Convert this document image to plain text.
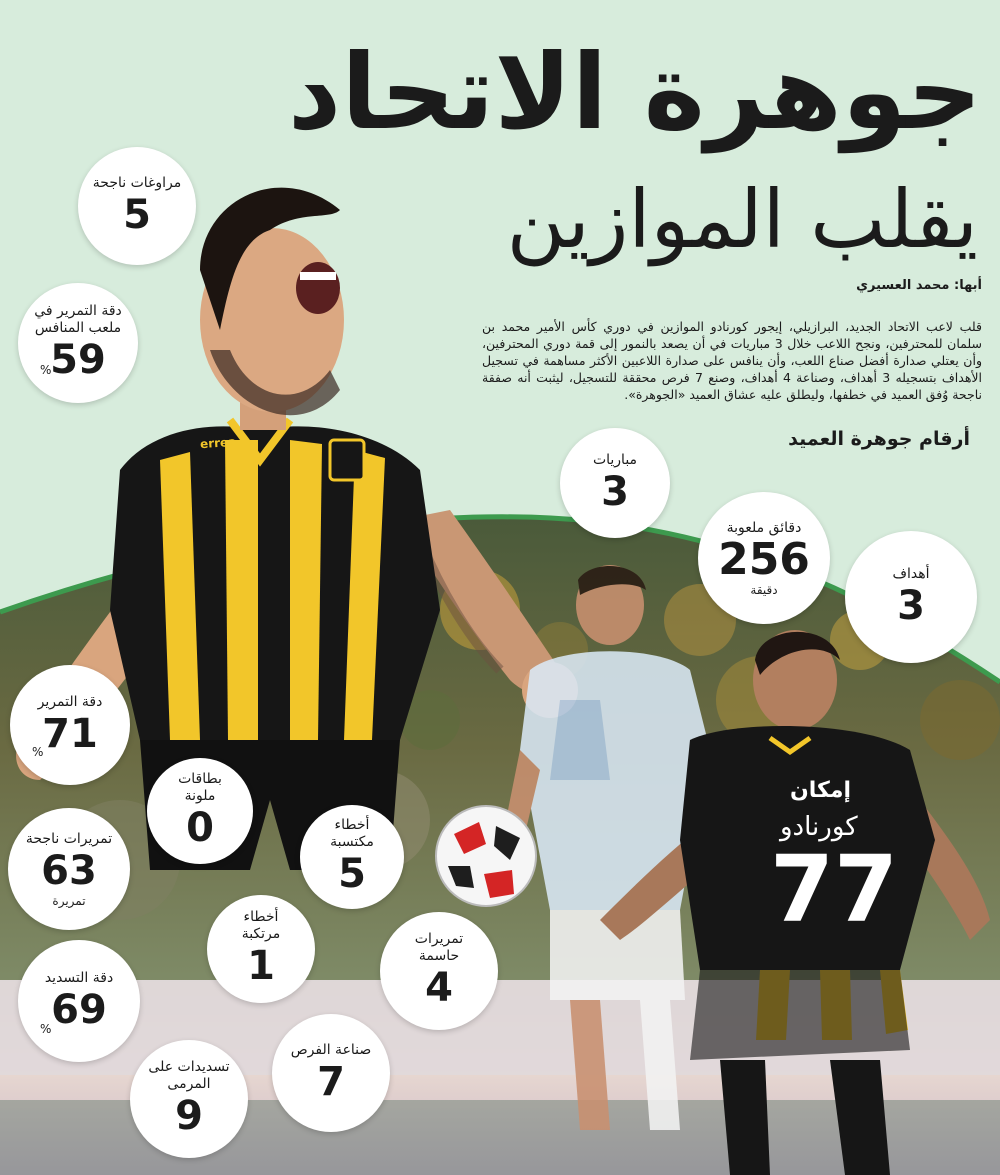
جوهرة الاتحاد
يقلب الموازين
أبها: محمد العسيري
قلب لاعب الاتحاد الجديد، البرازيلي، إيجور كورنادو الموازين في دوري كأس الأمير محمد بن سلمان للمحترفين، ونجح اللاعب خلال 3 مباريات في أن يصعد بالنمور إلى قمة دوري المحترفين، وأن يعتلي صدارة أفضل صناع اللعب، وأن ينافس على صدارة اللاعبين الأكثر مساهمة في تسجيل الأهداف بتسجيله 3 أهداف، وصناعة 4 أهداف، وصنع 7 فرص محققة للتسجيل، ليثبت أنه صفقة ناجحة وُفق العميد في خطفها، وليطلق عليه عشاق العميد «الجوهرة».
أرقام جوهرة العميد
errea
إمكان
كورنادو
77
مراوغات ناجحة
5
دقة التمرير في ملعب المنافس
59
%
مباريات
3
دقائق ملعوبة
256
دقيقة
أهداف
3
دقة التمرير
71
%
بطاقات ملونة
0	أخطاء مكتسبة
5
تمريرات ناجحة
63
تمريرة
أخطاء مرتكبة
1
تمريرات حاسمة
4
دقة التسديد
69
%
صناعة الفرص
7
تسديدات على المرمى
9
